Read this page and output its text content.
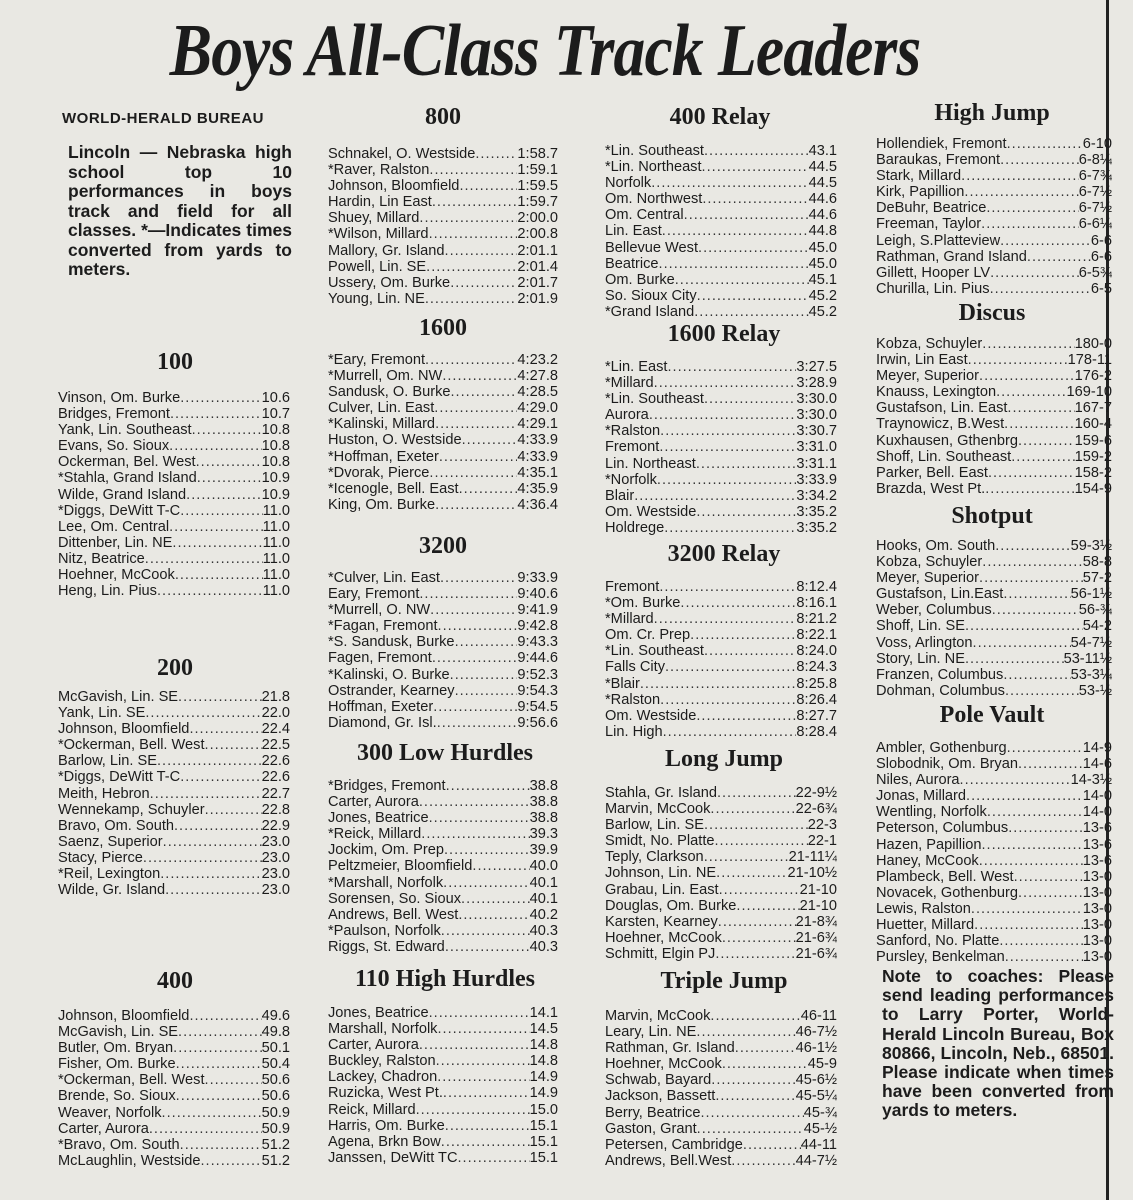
Boys All-Class Track Leaders
WORLD-HERALD BUREAU
Lincoln — Nebraska high school top 10 performances in boys track and field for all classes. *—Indicates times converted from yards to meters.
Note to coaches: Please send leading performances to Larry Porter, World-Herald Lincoln Bureau, Box 80866, Lincoln, Neb., 68501. Please indicate when times have been converted from yards to meters.
100
Vinson, Om. Burke .....	10.6
Bridges, Fremont .....	10.7
Yank, Lin. Southeast .....	10.8
Evans, So. Sioux .....	10.8
Ockerman, Bel. West .....	10.8
*Stahla, Grand Island .....	10.9
Wilde, Grand Island .....	10.9
*Diggs, DeWitt T-C .....	11.0
Lee, Om. Central .....	11.0
Dittenber, Lin. NE .....	11.0
Nitz, Beatrice .....	11.0
Hoehner, McCook .....	11.0
Heng, Lin. Pius .....	11.0
200
McGavish, Lin. SE .....	21.8
Yank, Lin. SE .....	22.0
Johnson, Bloomfield .....	22.4
*Ockerman, Bell. West .....	22.5
Barlow, Lin. SE .....	22.6
*Diggs, DeWitt T-C .....	22.6
Meith, Hebron .....	22.7
Wennekamp, Schuyler .....	22.8
Bravo, Om. South .....	22.9
Saenz, Superior .....	23.0
Stacy, Pierce .....	23.0
*Reil, Lexington .....	23.0
Wilde, Gr. Island .....	23.0
400
Johnson, Bloomfield .....	49.6
McGavish, Lin. SE .....	49.8
Butler, Om. Bryan .....	50.1
Fisher, Om. Burke .....	50.4
*Ockerman, Bell. West .....	50.6
Brende, So. Sioux .....	50.6
Weaver, Norfolk .....	50.9
Carter, Aurora .....	50.9
*Bravo, Om. South .....	51.2
McLaughlin, Westside .....	51.2
800
Schnakel, O. Westside .....	1:58.7
*Raver, Ralston .....	1:59.1
Johnson, Bloomfield .....	1:59.5
Hardin, Lin East .....	1:59.7
Shuey, Millard .....	2:00.0
*Wilson, Millard .....	2:00.8
Mallory, Gr. Island .....	2:01.1
Powell, Lin. SE .....	2:01.4
Ussery, Om. Burke .....	2:01.7
Young, Lin. NE .....	2:01.9
1600
*Eary, Fremont .....	4:23.2
*Murrell, Om. NW .....	4:27.8
Sandusk, O. Burke .....	4:28.5
Culver, Lin. East .....	4:29.0
*Kalinski, Millard .....	4:29.1
Huston, O. Westside .....	4:33.9
*Hoffman, Exeter .....	4:33.9
*Dvorak, Pierce .....	4:35.1
*Icenogle, Bell. East .....	4:35.9
King, Om. Burke .....	4:36.4
3200
*Culver, Lin. East .....	9:33.9
Eary, Fremont .....	9:40.6
*Murrell, O. NW .....	9:41.9
*Fagan, Fremont .....	9:42.8
*S. Sandusk, Burke .....	9:43.3
Fagen, Fremont .....	9:44.6
*Kalinski, O. Burke .....	9:52.3
Ostrander, Kearney .....	9:54.3
Hoffman, Exeter .....	9:54.5
Diamond, Gr. Isl. .....	9:56.6
300 Low Hurdles
*Bridges, Fremont .....	38.8
Carter, Aurora .....	38.8
Jones, Beatrice .....	38.8
*Reick, Millard .....	39.3
Jockim, Om. Prep .....	39.9
Peltzmeier, Bloomfield .....	40.0
*Marshall, Norfolk .....	40.1
Sorensen, So. Sioux .....	40.1
Andrews, Bell. West .....	40.2
*Paulson, Norfolk .....	40.3
Riggs, St. Edward .....	40.3
110 High Hurdles
Jones, Beatrice .....	14.1
Marshall, Norfolk .....	14.5
Carter, Aurora .....	14.8
Buckley, Ralston .....	14.8
Lackey, Chadron .....	14.9
Ruzicka, West Pt. .....	14.9
Reick, Millard .....	15.0
Harris, Om. Burke .....	15.1
Agena, Brkn Bow .....	15.1
Janssen, DeWitt TC .....	15.1
400 Relay
*Lin. Southeast .....	43.1
*Lin. Northeast .....	44.5
Norfolk .....	44.5
Om. Northwest .....	44.6
Om. Central .....	44.6
Lin. East .....	44.8
Bellevue West .....	45.0
Beatrice .....	45.0
Om. Burke .....	45.1
So. Sioux City .....	45.2
*Grand Island .....	45.2
1600 Relay
*Lin. East .....	3:27.5
*Millard .....	3:28.9
*Lin. Southeast .....	3:30.0
Aurora .....	3:30.0
*Ralston .....	3:30.7
Fremont .....	3:31.0
Lin. Northeast .....	3:31.1
*Norfolk .....	3:33.9
Blair .....	3:34.2
Om. Westside .....	3:35.2
Holdrege .....	3:35.2
3200 Relay
Fremont .....	8:12.4
*Om. Burke .....	8:16.1
*Millard .....	8:21.2
Om. Cr. Prep .....	8:22.1
*Lin. Southeast .....	8:24.0
Falls City .....	8:24.3
*Blair .....	8:25.8
*Ralston .....	8:26.4
Om. Westside .....	8:27.7
Lin. High .....	8:28.4
Long Jump
Stahla, Gr. Island .....	22-9½
Marvin, McCook .....	22-6¾
Barlow, Lin. SE .....	22-3
Smidt, No. Platte .....	22-1
Teply, Clarkson .....	21-11¼
Johnson, Lin. NE .....	21-10½
Grabau, Lin. East .....	21-10
Douglas, Om. Burke .....	21-10
Karsten, Kearney .....	21-8¾
Hoehner, McCook .....	21-6¾
Schmitt, Elgin PJ .....	21-6¾
Triple Jump
Marvin, McCook .....	46-11
Leary, Lin. NE .....	46-7½
Rathman, Gr. Island .....	46-1½
Hoehner, McCook .....	45-9
Schwab, Bayard .....	45-6½
Jackson, Bassett .....	45-5¼
Berry, Beatrice .....	45-¾
Gaston, Grant .....	45-½
Petersen, Cambridge .....	44-11
Andrews, Bell.West .....	44-7½
High Jump
Hollendiek, Fremont .....	6-10
Baraukas, Fremont .....	6-8¼
Stark, Millard .....	6-7¾
Kirk, Papillion .....	6-7½
DeBuhr, Beatrice .....	6-7½
Freeman, Taylor .....	6-6¼
Leigh, S.Platteview .....	6-6
Rathman, Grand Island .....	6-6
Gillett, Hooper LV .....	6-5¾
Churilla, Lin. Pius .....	6-5
Discus
Kobza, Schuyler .....	180-0
Irwin, Lin East .....	178-11
Meyer, Superior .....	176-2
Knauss, Lexington .....	169-10
Gustafson, Lin. East .....	167-7
Traynowicz, B.West .....	160-4
Kuxhausen, Gthenbrg .....	159-6
Shoff, Lin. Southeast .....	159-2
Parker, Bell. East .....	158-2
Brazda, West Pt. .....	154-9
Shotput
Hooks, Om. South .....	59-3½
Kobza, Schuyler .....	58-8
Meyer, Superior .....	57-2
Gustafson, Lin.East .....	56-1½
Weber, Columbus .....	56-¾
Shoff, Lin. SE .....	54-2
Voss, Arlington .....	54-7½
Story, Lin. NE .....	53-11½
Franzen, Columbus .....	53-3¼
Dohman, Columbus .....	53-½
Pole Vault
Ambler, Gothenburg .....	14-9
Slobodnik, Om. Bryan .....	14-6
Niles, Aurora .....	14-3½
Jonas, Millard .....	14-0
Wentling, Norfolk .....	14-0
Peterson, Columbus .....	13-6
Hazen, Papillion .....	13-6
Haney, McCook .....	13-6
Plambeck, Bell. West .....	13-0
Novacek, Gothenburg .....	13-0
Lewis, Ralston .....	13-0
Huetter, Millard .....	13-0
Sanford, No. Platte .....	13-0
Pursley, Benkelman .....	13-0
